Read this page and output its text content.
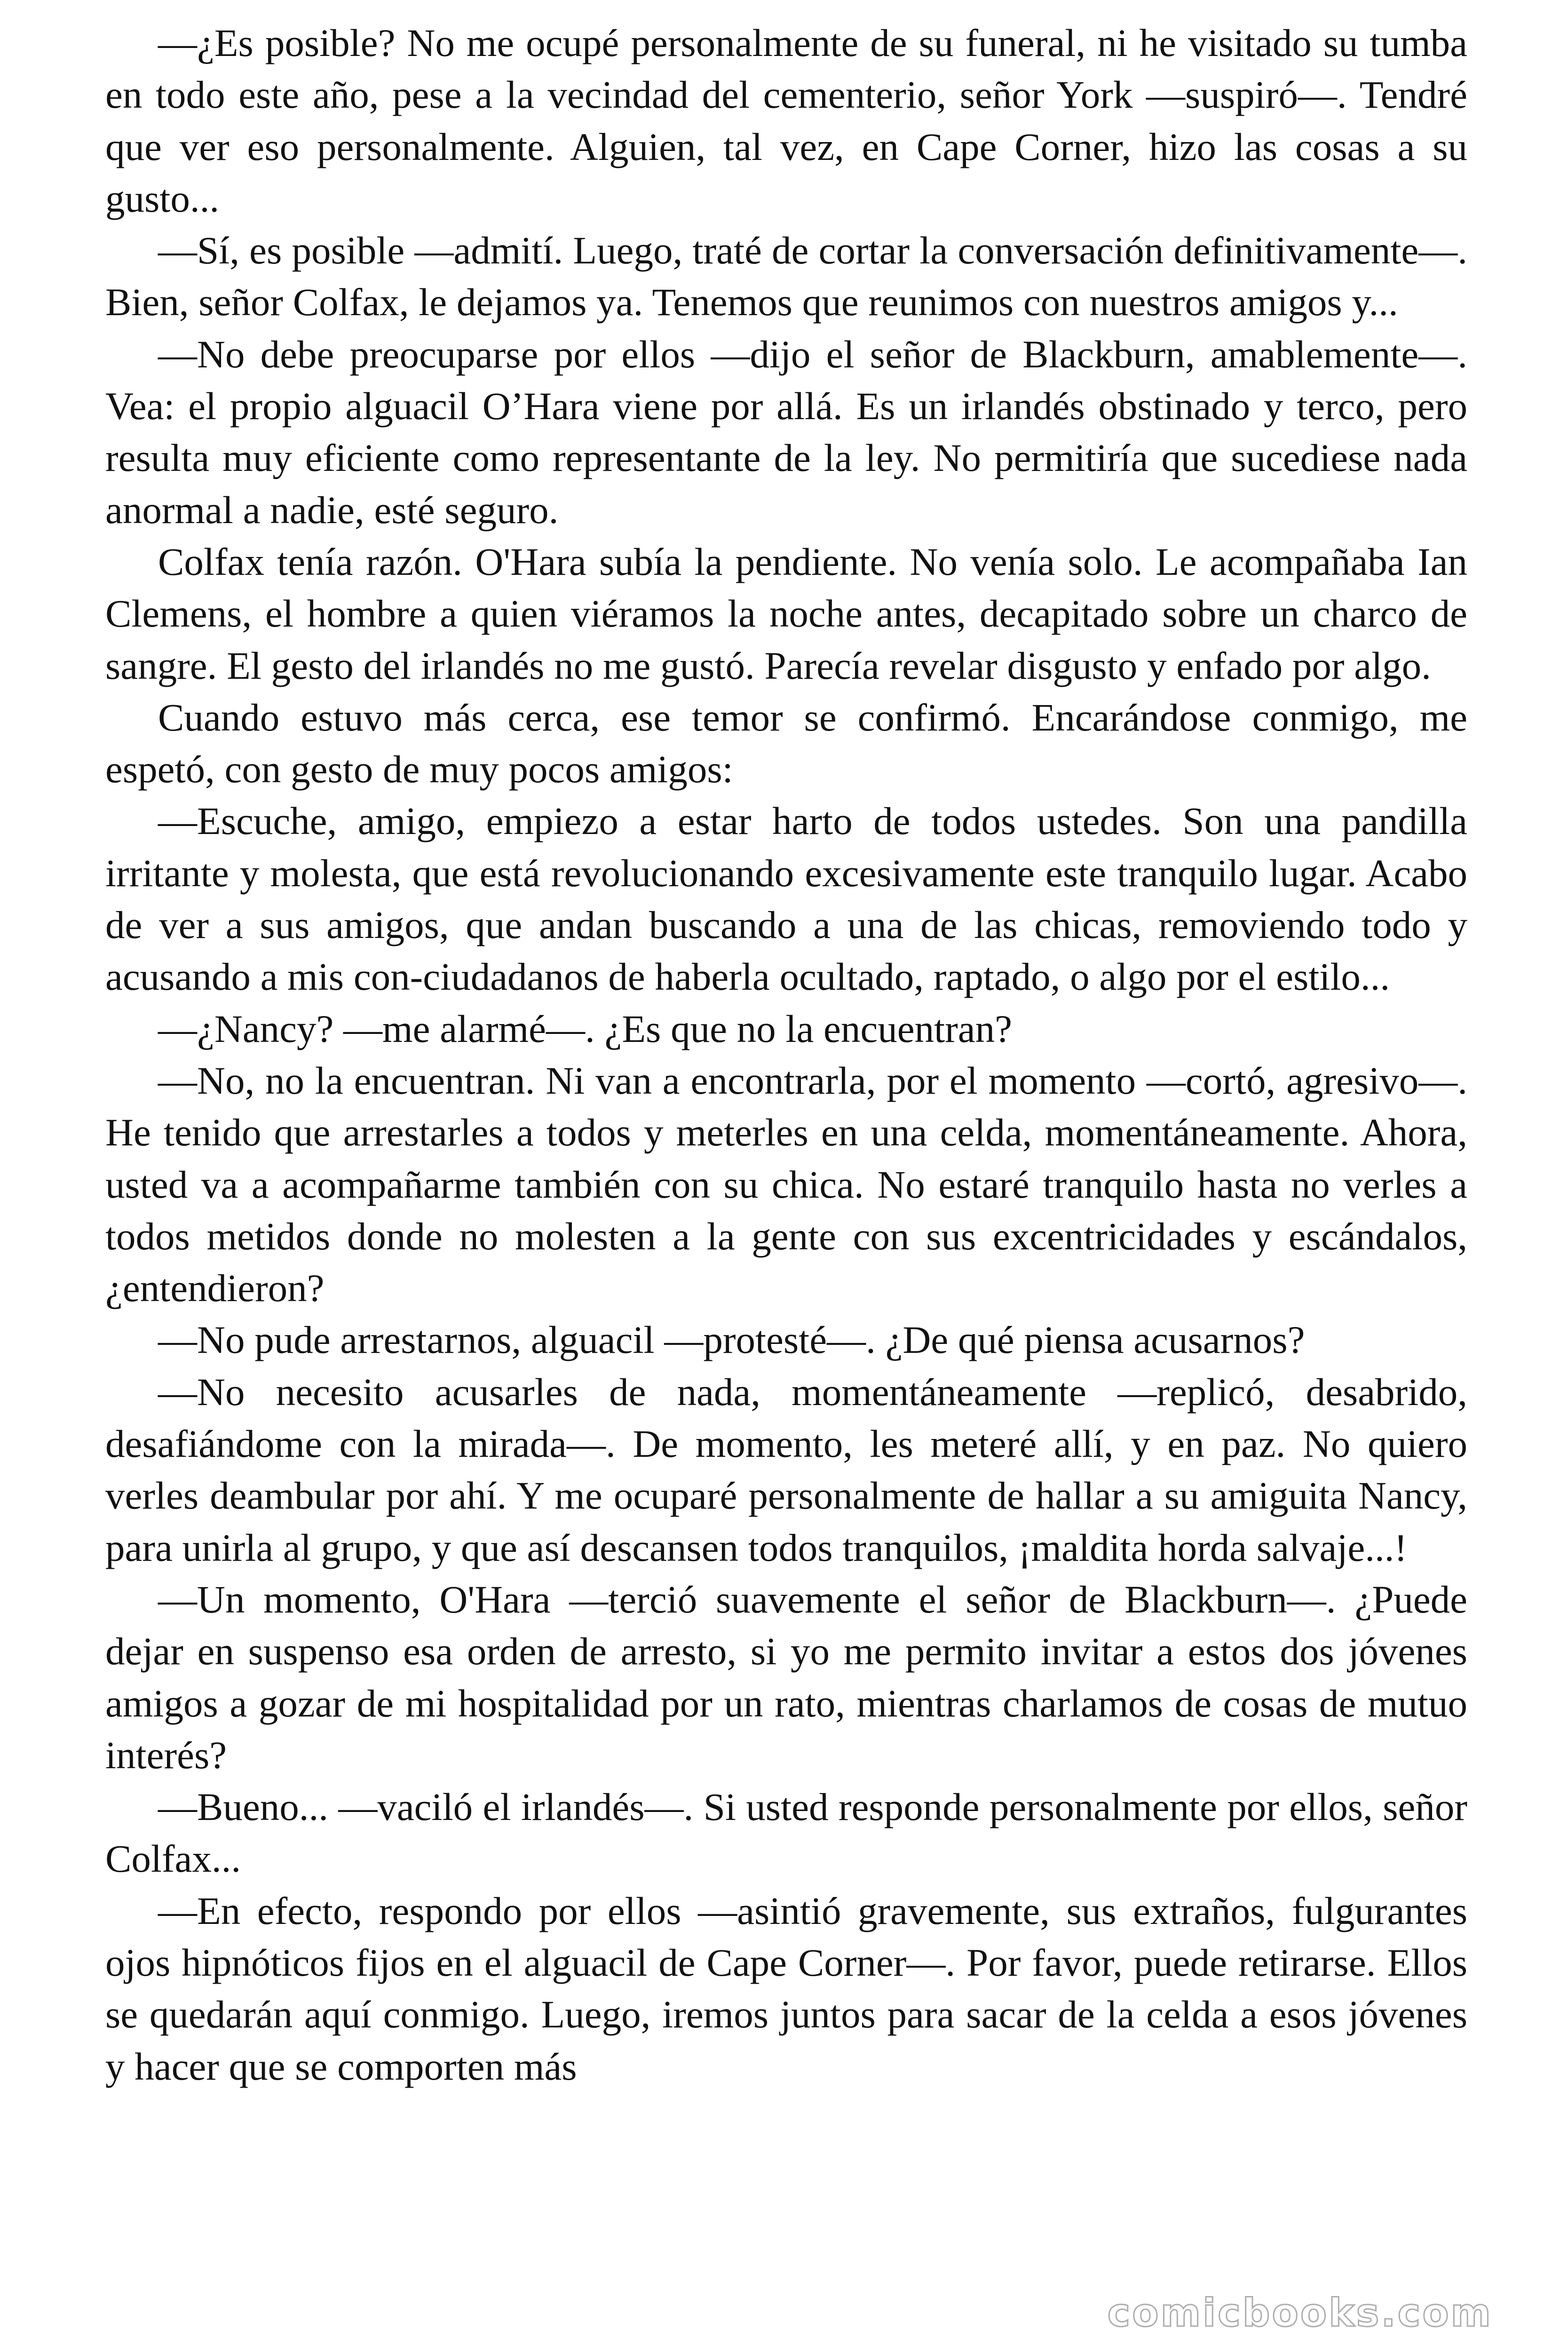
—¿Es posible? No me ocupé personalmente de su funeral, ni he visitado su tumba en todo este año, pese a la vecindad del cementerio, señor York —suspiró—. Tendré que ver eso personalmente. Alguien, tal vez, en Cape Corner, hizo las cosas a su gusto...

—Sí, es posible —admití. Luego, traté de cortar la conversación definitivamente—. Bien, señor Colfax, le dejamos ya. Tenemos que reunimos con nuestros amigos y...

—No debe preocuparse por ellos —dijo el señor de Blackburn, amablemente—. Vea: el propio alguacil O’Hara viene por allá. Es un irlandés obstinado y terco, pero resulta muy eficiente como representante de la ley. No permitiría que sucediese nada anormal a nadie, esté seguro.

Colfax tenía razón. O'Hara subía la pendiente. No venía solo. Le acompañaba Ian Clemens, el hombre a quien viéramos la noche antes, decapitado sobre un charco de sangre. El gesto del irlandés no me gustó. Parecía revelar disgusto y enfado por algo.

Cuando estuvo más cerca, ese temor se confirmó. Encarándose conmigo, me espetó, con gesto de muy pocos amigos:

—Escuche, amigo, empiezo a estar harto de todos ustedes. Son una pandilla irritante y molesta, que está revolucionando excesivamente este tranquilo lugar. Acabo de ver a sus amigos, que andan buscando a una de las chicas, removiendo todo y acusando a mis con-ciudadanos de haberla ocultado, raptado, o algo por el estilo...

—¿Nancy? —me alarmé—. ¿Es que no la encuentran?

—No, no la encuentran. Ni van a encontrarla, por el momento —cortó, agresivo—. He tenido que arrestarles a todos y meterles en una celda, momentáneamente. Ahora, usted va a acompañarme también con su chica. No estaré tranquilo hasta no verles a todos metidos donde no molesten a la gente con sus excentricidades y escándalos, ¿entendieron?

—No pude arrestarnos, alguacil —protesté—. ¿De qué piensa acusarnos?

—No necesito acusarles de nada, momentáneamente —replicó, desabrido, desafiándome con la mirada—. De momento, les meteré allí, y en paz. No quiero verles deambular por ahí. Y me ocuparé personalmente de hallar a su amiguita Nancy, para unirla al grupo, y que así descansen todos tranquilos, ¡maldita horda salvaje...!

—Un momento, O'Hara —terció suavemente el señor de Blackburn—. ¿Puede dejar en suspenso esa orden de arresto, si yo me permito invitar a estos dos jóvenes amigos a gozar de mi hospitalidad por un rato, mientras charlamos de cosas de mutuo interés?

—Bueno... —vaciló el irlandés—. Si usted responde personalmente por ellos, señor Colfax...

—En efecto, respondo por ellos —asintió gravemente, sus extraños, fulgurantes ojos hipnóticos fijos en el alguacil de Cape Corner—. Por favor, puede retirarse. Ellos se quedarán aquí conmigo. Luego, iremos juntos para sacar de la celda a esos jóvenes y hacer que se comporten más

comicbooks.com
